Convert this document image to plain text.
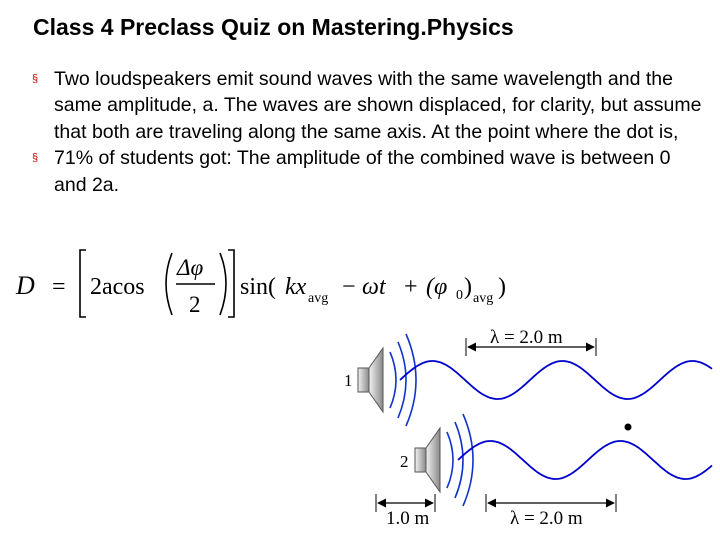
Class 4 Preclass Quiz on Mastering.Physics
§ Two loudspeakers emit sound waves with the same wavelength and the same amplitude, a. The waves are shown displaced, for clarity, but assume that both are traveling along the same axis. At the point where the dot is,
§ 71% of students got: The amplitude of the combined wave is between 0 and 2a.
D = 2acos
Δφ
2
sin( kx avg − ωt + (φ 0 ) avg )
λ = 2.0 m
1
2
1.0 m	λ = 2.0 m
